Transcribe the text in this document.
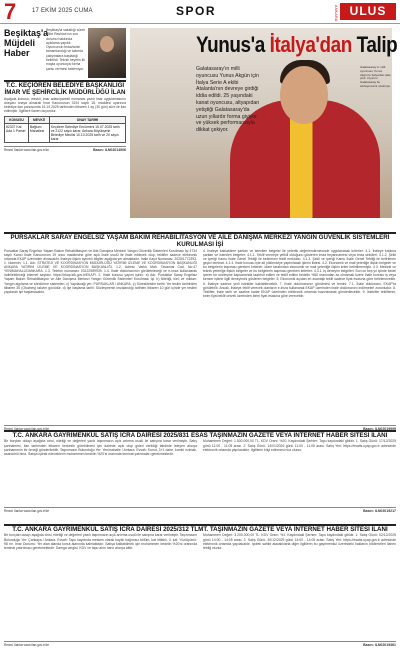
7	17 EKİM 2025 CUMA	SPOR	ANKARA ULUS
Beşiktaş'a Müjdeli Haber
Beşiktaş'ta sakatlığı süren Milot Rashica'nın son durumu hakkında açıklama yapıldı. Oyuncunun tedavisinin tamamlandığı ve takımla çalışmalara başladığı belirtildi. Teknik heyetin ilk maçta oyuncuya forma şansı vermesi bekleniyor.
Yunus'a İtalya'dan Talip
Galatasaray'ın milli oyuncusu Yunus Akgün için İtalya Serie A ekibi Atalanta'nın devreye girdiği iddia edildi. 25 yaşındaki kanat oyuncusu, altyapıdan yetiştiği Galatasaray'da uzun yıllardır forma giyiyor ve yüksek performansıyla dikkat çekiyor.
Galatasaray'ın milli oyuncusu Yunus Akgün'e İtalya'dan talip çıktı. Oyuncu Galatasaray ile sözleşmesini uzatmıştı.
T.C. KEÇİÖREN BELEDİYE BAŞKANLIĞI İMAR VE ŞEHİRCİLİK MÜDÜRLÜĞÜ İLAN

Aşağıda konusu, mevkii, imar adası/parseli numarası yazılı imar uygulamasının dosyası onaya alınarak İmar Kanununun 3194 sayılı 18. maddesi uyarınca belediye ilan panosunda 16.10.2025 tarihinden itibaren 1 ay (30 gün) süre ile ilan edilmiştir. İlgililere ilanen duyurulur.

KONUSU	MEVKİİ	ONAY TARİHİ
82337 Kat Ada 1 Parsel	Bağlum Mahallesi	Keçiören Belediye Encümeni 15.07.2025 tarih ve 2122 sayılı karar, Ankara Büyükşehir Belediye Meclisi 10.10.2025 tarih ve 20 sayılı karar
Resmî İlanlar www.ilan.gov.tr'de	Basın: ILN02014506
PURSAKLAR SARAY ENGELSİZ YAŞAM BAKIM REHABİLİTASYON VE AİLE DANIŞMA MERKEZİ YANGIN GÜVENLİK SİSTEMLERİ KURULMASI İŞİ

Pursaklar Saray Engelsiz Yaşam Bakım Rehabilitasyon ve Aile Danışma Merkezi Yangın Güvenlik Sistemleri Kurulması İşi 4734 sayılı Kamu İhale Kanununun 19 uncu maddesine göre açık ihale usulü ile ihale edilecek olup, teklifler sadece elektronik ortamda EKAP üzerinden alınacaktır. İhaleye ilişkin ayrıntılı bilgiler aşağıda yer almaktadır. İhale Kayıt Numarası: 2025/1772393. 1. İdarenin: 1.1. Adı: STRATEJİ VE KOORDİNASYON MÜDÜRLÜĞÜ YATIRIM İZLEME VE KOORDİNASYON BAŞKANLIĞI ANKARA YATIRIM İZLEME VE KOORDİNASYON BAŞKANLIĞI. 1.2. Adresi: Varlık Mah. Tavanval Cad. No:47 YENİMAHALLE/ANKARA. 1.3. Telefon numarası: 03122989939. 1.4. İhale dokümanının görülebileceği ve e-imza kullanılarak indirilebileceği internet sayfası: https://ekap.kik.gov.tr/EKAP/. 2. İhale konusu yapım işinin: a) Adı: Pursaklar Saray Engelsiz Yaşam Bakım Rehabilitasyon ve Aile Danışma Merkezi Yangın Güvenlik Sistemleri Kurulması İşi. b) Niteliği, türü ve miktarı: Yangın algılama ve söndürme sistemleri. c) Yapılacağı yer: PURSAKLAR / ANKARA. ç) Süresi/teslim tarihi: Yer teslim tarihinden itibaren 35 (Otuzbeş) takvim günüdür. d) İşe başlama tarihi: Sözleşmenin imzalandığı tarihten itibaren 10 gün içinde yer teslimi yapılarak işe başlanacaktır.

4. İhaleye katılabilme şartları ve istenilen belgeler ile yeterlik değerlendirmesinde uygulanacak kriterler: 4.1. İhaleye katılma şartları ve istenilen belgeler: 4.1.1. Teklif vermeye yetkili olduğunu gösteren imza beyannamesi veya imza sirküleri. 4.1.2. Şekli ve içeriği Kamu İhale Genel Tebliği ile belirlenen teklif mektubu. 4.1.3. Şekli ve içeriği Kamu İhale Genel Tebliği ile belirlenen geçici teminat. 4.1.4. İhale konusu işte alt yükleniciye yaptırılacak işlerin listesi. 4.2. Ekonomik ve mali yeterliğe ilişkin belgeler ve bu belgelerin taşıması gereken kriterler: İdare tarafından ekonomik ve mali yeterliğe ilişkin kriter belirtilmemiştir. 4.3. Mesleki ve teknik yeterliğe ilişkin belgeler ve bu belgelerin taşıması gereken kriterler: 4.3.1. İş deneyim belgeleri: Son on beş yıl içinde bedel içeren bir sözleşme kapsamında taahhüt edilen ve teklif edilen bedelin %50 oranından az olmamak üzere ihale konusu iş veya benzer işlerle ilgili deneyimini gösteren belgeler. 5. Ekonomik açıdan en avantajlı teklif sadece fiyat esasına göre belirlenecektir. 6. İhaleye sadece yerli istekliler katılabilecektir. 7. İhale dokümanının görülmesi ve temini: 7.1. İhale dokümanı, EKAP'ta görülebilir. Ancak, ihaleye teklif verecek olanların e-imza kullanarak EKAP üzerinden ihale dokümanını indirmeleri zorunludur. 8. Teklifler, ihale tarih ve saatine kadar EKAP üzerinden elektronik ortamda hazırlanarak gönderilecektir. 9. İstekliler tekliflerini, birim fiyat teklif cetveli üzerinden birim fiyat esasına göre verecektir.

Resmî İlanlar www.ilan.gov.tr'de	Basın: ILN02019999
T.C. ANKARA GAYRİMENKUL SATIŞ İCRA DAİRESİ 2025/831 ESAS TAŞINMAZIN GAZETE VEYA İNTERNET HABER SİTESİ İLANI

Bir borçtan dolayı aşağıda cinsi, niteliği ve değerleri yazılı taşınmazın açık artırma usulü ile satışına karar verilmiştir. Satış şartnamesi, ilan tarihinden itibaren herkesin görebilmesi için dairede açık olup gideri verildiği takdirde isteyen alıcıya şartnamenin bir örneği gönderilebilir. Taşınmazın Bulunduğu Yer: Yenimahalle / Ankara. Evsafı: Konut, 3+1 daire, kombi ısıtmalı, asansörlü bina. Satışa iştirak edeceklerin muhammen bedelin %20'si oranında teminat yatırmaları gerekmektedir.

Muhammen Değeri: 1.500.000,00 TL. KDV Oranı: %20. Kaydındaki Şerhler: Tapu kaydındaki gibidir. 1. Satış Günü: 17/12/2025 günü 11:00 - 11:05 arası. 2. Satış Günü: 14/01/2026 günü 11:00 - 11:05 arası. Satış Yeri: https://esatis.uyap.gov.tr adresinde elektronik ortamda yapılacaktır. İlgililerin bilgi edinmesi rica olunur.

Resmî İlanlar www.ilan.gov.tr'de	Basın: ILN02019217
T.C. ANKARA GAYRİMENKUL SATIŞ İCRA DAİRESİ 2025/312 TLMT. TAŞINMAZIN GAZETE VEYA İNTERNET HABER SİTESİ İLANI

Bir borçtan dolayı aşağıda cinsi, niteliği ve değerleri yazılı taşınmazın açık artırma usulü ile satışına karar verilmiştir. Taşınmazın Bulunduğu Yer: Çankaya / Ankara. Evsafı: Tapu kaydında mesken olarak kayıtlı bağımsız bölüm, kat irtifaklı, 3. kat. Yüzölçümü: 98 m². İmar Durumu: Yer alan alanda konut alanında kalmaktadır. Satışa katılabilmek için muhammen bedelin %20'si oranında teminat yatırılması gerekmektedir. Damga vergisi, KDV ve tapu alım harcı alıcıya aittir.

Muhammen Değeri: 3.200.000,00 TL. KDV Oranı: %1. Kaydındaki Şerhler: Tapu kaydındaki gibidir. 1. Satış Günü: 02/12/2025 günü 14:00 - 14:05 arası. 2. Satış Günü: 30/12/2025 günü 14:00 - 14:05 arası. Satış Yeri: https://esatis.uyap.gov.tr adresinde elektronik ortamda yapılacaktır. İpotek sahibi alacaklılarla diğer ilgililerin bu gayrimenkul üzerindeki haklarını bildirmeleri ilanen tebliğ olunur.

Resmî İlanlar www.ilan.gov.tr'de	Basın: ILN02019361
